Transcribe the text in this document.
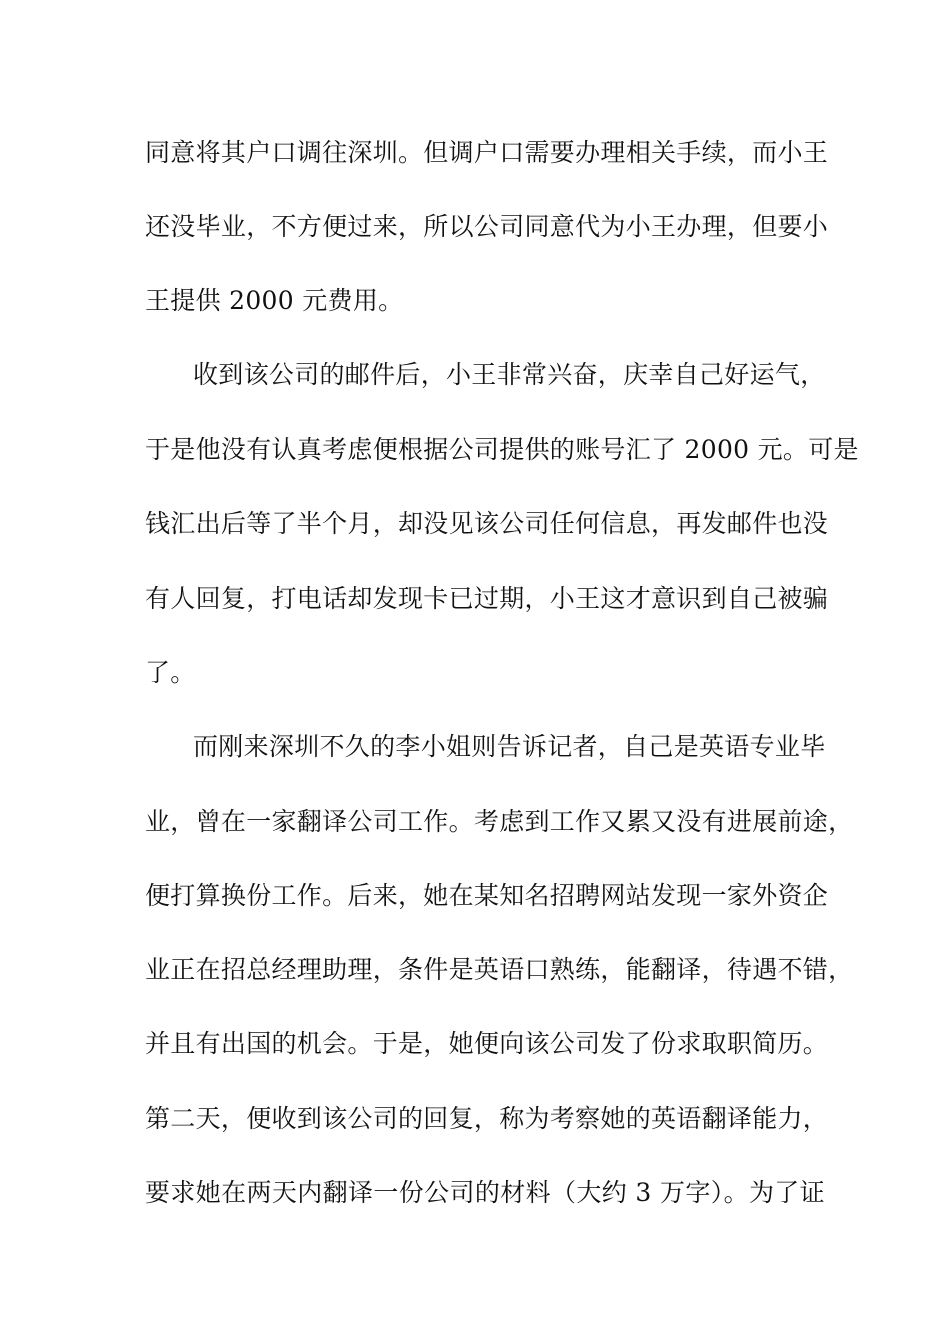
同意将其户口调往深圳。但调户口需要办理相关手续，而小王
还没毕业，不方便过来，所以公司同意代为小王办理，但要小
王提供 2000 元费用。
收到该公司的邮件后，小王非常兴奋，庆幸自己好运气，
于是他没有认真考虑便根据公司提供的账号汇了 2000 元。可是
钱汇出后等了半个月，却没见该公司任何信息，再发邮件也没
有人回复，打电话却发现卡已过期，小王这才意识到自己被骗
了。
而刚来深圳不久的李小姐则告诉记者，自己是英语专业毕
业，曾在一家翻译公司工作。考虑到工作又累又没有进展前途，
便打算换份工作。后来，她在某知名招聘网站发现一家外资企
业正在招总经理助理，条件是英语口熟练，能翻译，待遇不错，
并且有出国的机会。于是，她便向该公司发了份求取职简历。
第二天，便收到该公司的回复，称为考察她的英语翻译能力，
要求她在两天内翻译一份公司的材料（大约 3 万字）。为了证
